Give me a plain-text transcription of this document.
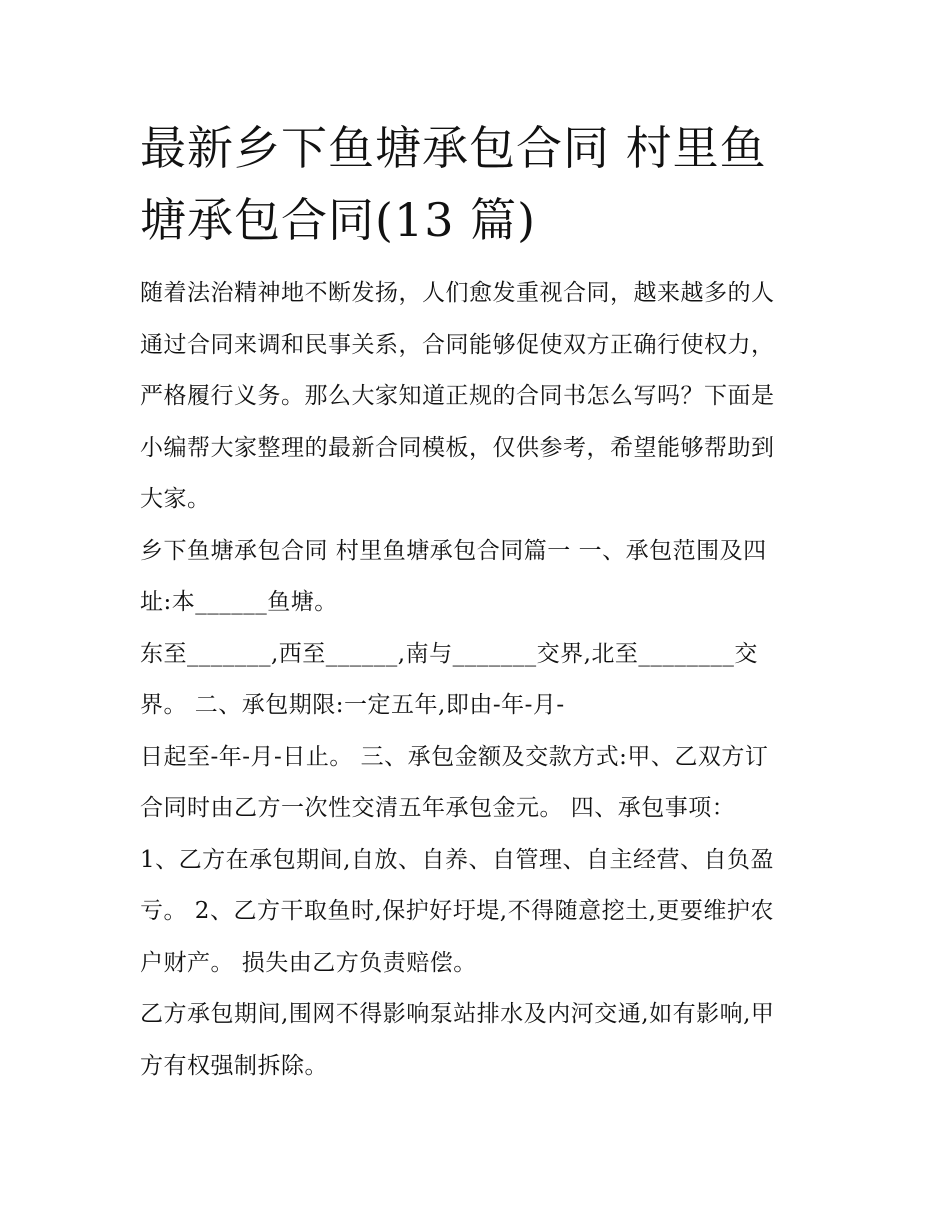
最新乡下鱼塘承包合同 村里鱼
塘承包合同(13 篇)

随着法治精神地不断发扬，人们愈发重视合同，越来越多的人
通过合同来调和民事关系，合同能够促使双方正确行使权力，
严格履行义务。那么大家知道正规的合同书怎么写吗？下面是
小编帮大家整理的最新合同模板，仅供参考，希望能够帮助到
大家。

乡下鱼塘承包合同 村里鱼塘承包合同篇一 一、承包范围及四
址:本______鱼塘。

东至_______,西至______,南与_______交界,北至________交
界。 二、承包期限:一定五年,即由-年-月-

日起至-年-月-日止。 三、承包金额及交款方式:甲、乙双方订
合同时由乙方一次性交清五年承包金元。 四、承包事项：
1、乙方在承包期间,自放、自养、自管理、自主经营、自负盈
亏。 2、乙方干取鱼时,保护好圩堤,不得随意挖土,更要维护农
户财产。 损失由乙方负责赔偿。

乙方承包期间,围网不得影响泵站排水及内河交通,如有影响,甲
方有权强制拆除。
